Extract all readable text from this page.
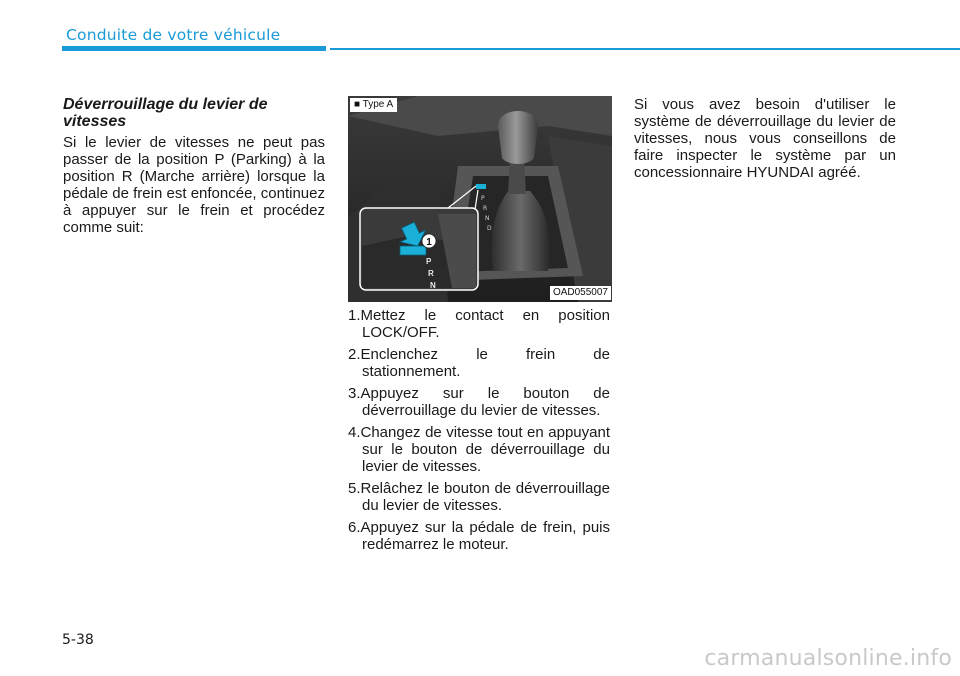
Conduite de votre véhicule

Déverrouillage du levier de vitesses

Si le levier de vitesses ne peut pas passer de la position P (Parking) à la position R (Marche arrière) lorsque la pédale de frein est enfoncée, continuez à appuyer sur le frein et procédez comme suit:

P
R
N
D
1
P
R
N
■ Type A
OAD055007
1.Mettez le contact en position LOCK/OFF.
2.Enclenchez le frein de stationnement.
3.Appuyez sur le bouton de déverrouillage du levier de vitesses.
4.Changez de vitesse tout en appuyant sur le bouton de déverrouillage du levier de vitesses.
5.Relâchez le bouton de déverrouillage du levier de vitesses.
6.Appuyez sur la pédale de frein, puis redémarrez le moteur.

Si vous avez besoin d'utiliser le système de déverrouillage du levier de vitesses, nous vous conseillons de faire inspecter le système par un concessionnaire HYUNDAI agréé.

5-38
carmanualsonline.info
